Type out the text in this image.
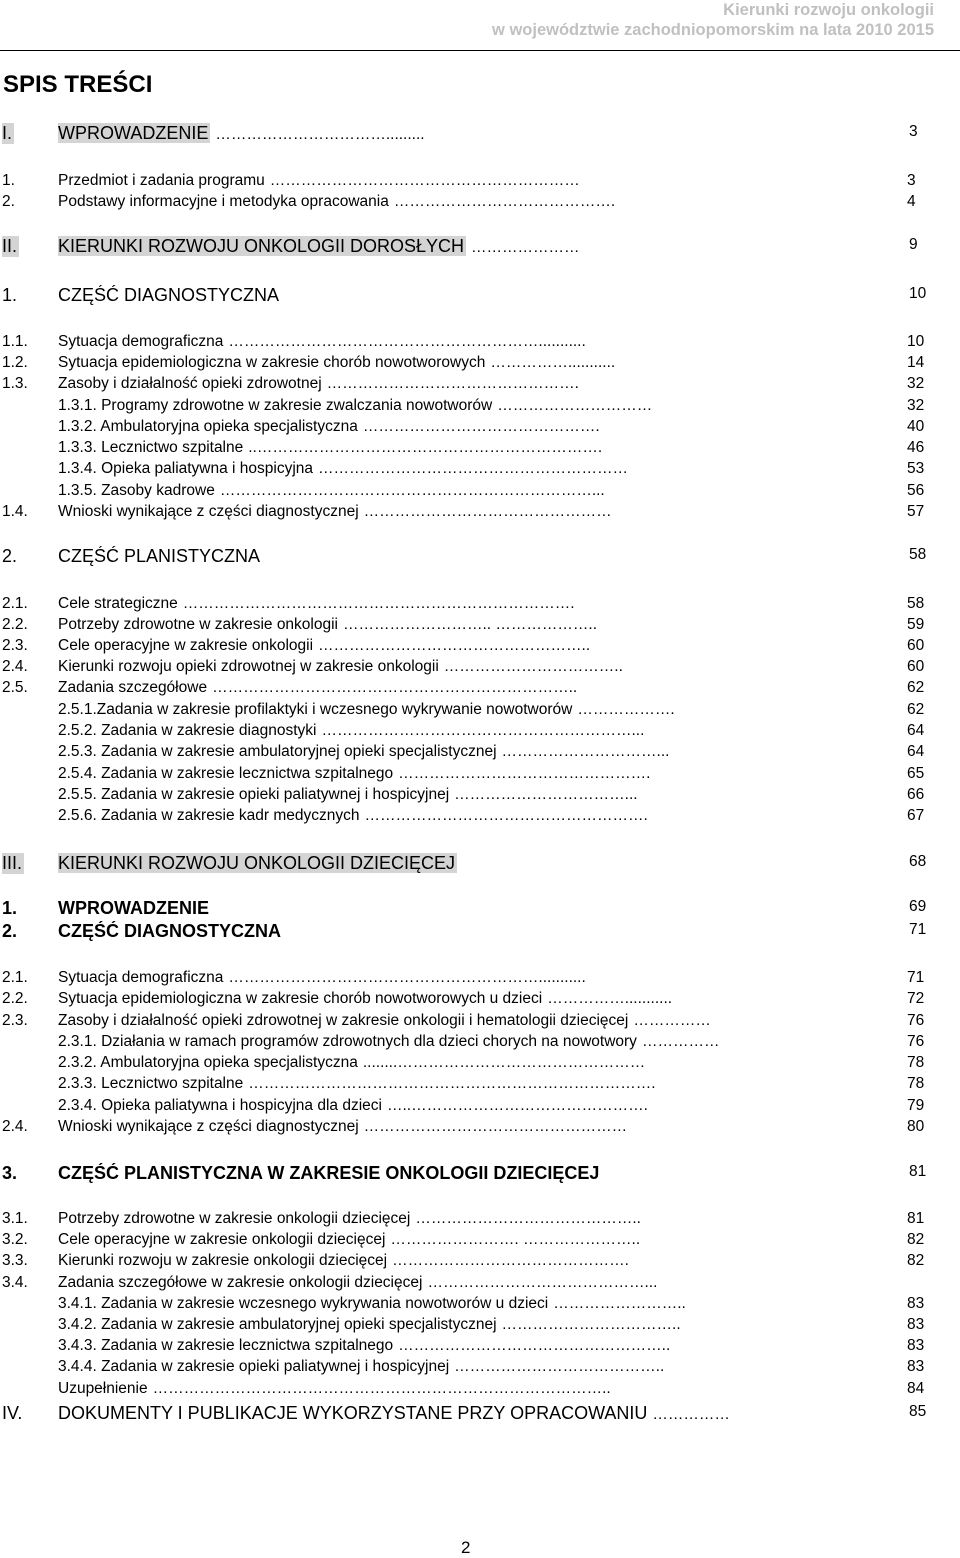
Kierunki rozwoju onkologii
w województwie zachodniopomorskim na lata 2010 2015
SPIS TREŚCI
I.	WPROWADZENIE …………………………….........	3
1.	Przedmiot i zadania programu ……………………………………………………	3
2.	Podstawy informacyjne i metodyka opracowania …………………………………….	4
II. KIERUNKI ROZWOJU ONKOLOGII DOROSŁYCH …………………	9
1. CZĘŚĆ DIAGNOSTYCZNA	10
1.1. Sytuacja demograficzna ……………………………………………………...........	10
1.2. Sytuacja epidemiologiczna w zakresie chorób nowotworowych ……………...........	14
1.3. Zasoby i działalność opieki zdrowotnej ………………………………………….	32
1.3.1. Programy zdrowotne w zakresie zwalczania nowotworów …………………………	32
1.3.2. Ambulatoryjna opieka specjalistyczna ……………………………………….	40
1.3.3. Lecznictwo szpitalne ..………………………………………………………….	46
1.3.4. Opieka paliatywna i hospicyjna ……………………………………………………	53
1.3.5. Zasoby kadrowe ………………………………………………………………...	56
1.4. Wnioski wynikające z części diagnostycznej …………………………………………	57
2. CZĘŚĆ PLANISTYCZNA	58
2.1. Cele strategiczne ………………………………………………………………….	58
2.2. Potrzeby zdrowotne w zakresie onkologii ……………………….. ………………..	59
2.3. Cele operacyjne w zakresie onkologii ……………………………………………..	60
2.4. Kierunki rozwoju opieki zdrowotnej w zakresie onkologii ……………………………..	60
2.5. Zadania szczegółowe ……………………………………………………………..	62
2.5.1.Zadania w zakresie profilaktyki i wczesnego wykrywanie nowotworów ……………….	62
2.5.2. Zadania w zakresie diagnostyki ……………………………………………………...	64
2.5.3. Zadania w zakresie ambulatoryjnej opieki specjalistycznej …………………………...	64
2.5.4. Zadania w zakresie lecznictwa szpitalnego ………………………………………….	65
2.5.5. Zadania w zakresie opieki paliatywnej i hospicyjnej ……………………………...	66
2.5.6. Zadania w zakresie kadr medycznych ……………………………………………….	67
III. KIERUNKI ROZWOJU ONKOLOGII DZIECIĘCEJ	68
1. WPROWADZENIE	69
2. CZĘŚĆ DIAGNOSTYCZNA	71
2.1. Sytuacja demograficzna ……………………………………………………...........	71
2.2. Sytuacja epidemiologiczna w zakresie chorób nowotworowych u dzieci ……………...........	72
2.3. Zasoby i działalność opieki zdrowotnej w zakresie onkologii i hematologii dziecięcej ……………	76
2.3.1. Działania w ramach programów zdrowotnych dla dzieci chorych na nowotwory ……………	76
2.3.2. Ambulatoryjna opieka specjalistyczna ........…………………………………………	78
2.3.3. Lecznictwo szpitalne …………………………………………………………………….	78
2.3.4. Opieka paliatywna i hospicyjna dla dzieci …..……………………………………….	79
2.4. Wnioski wynikające z części diagnostycznej ……………………………………………	80
3. CZĘŚĆ PLANISTYCZNA W ZAKRESIE ONKOLOGII DZIECIĘCEJ	81
3.1. Potrzeby zdrowotne w zakresie onkologii dziecięcej ……………………………………..	81
3.2. Cele operacyjne w zakresie onkologii dziecięcej ……………………. …………………..	82
3.3. Kierunki rozwoju w zakresie onkologii dziecięcej ……………………………………….	82
3.4. Zadania szczegółowe w zakresie onkologii dziecięcej ……………………………………...
3.4.1. Zadania w zakresie wczesnego wykrywania nowotworów u dzieci ……………………..	83
3.4.2. Zadania w zakresie ambulatoryjnej opieki specjalistycznej ……………………………..	83
3.4.3. Zadania w zakresie lecznictwa szpitalnego ……………………………………………..	83
3.4.4. Zadania w zakresie opieki paliatywnej i hospicyjnej …………………………………..	83
Uzupełnienie ……………………………………………………………………………..	84
IV. DOKUMENTY I PUBLIKACJE WYKORZYSTANE PRZY OPRACOWANIU ……………	85
2
